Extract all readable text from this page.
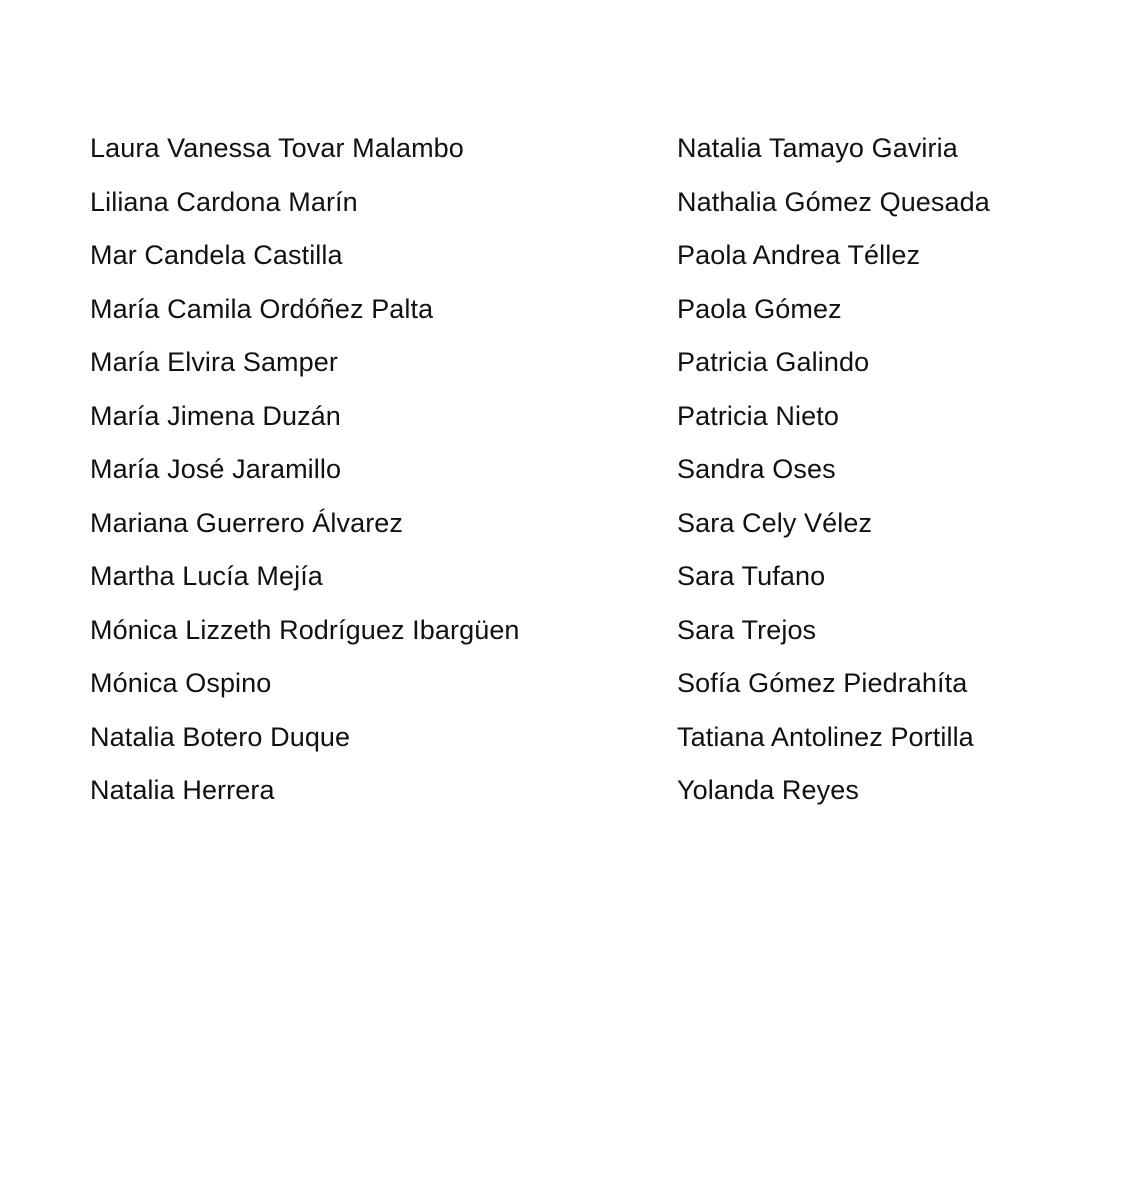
Laura Vanessa Tovar Malambo
Liliana Cardona Marín
Mar Candela Castilla
María Camila Ordóñez Palta
María Elvira Samper
María Jimena Duzán
María José Jaramillo
Mariana Guerrero Álvarez
Martha Lucía Mejía
Mónica Lizzeth Rodríguez Ibargüen
Mónica Ospino
Natalia Botero Duque
Natalia Herrera
Natalia Tamayo Gaviria
Nathalia Gómez Quesada
Paola Andrea Téllez
Paola Gómez
Patricia Galindo
Patricia Nieto
Sandra Oses
Sara Cely Vélez
Sara Tufano
Sara Trejos
Sofía Gómez Piedrahíta
Tatiana Antolinez Portilla
Yolanda Reyes
